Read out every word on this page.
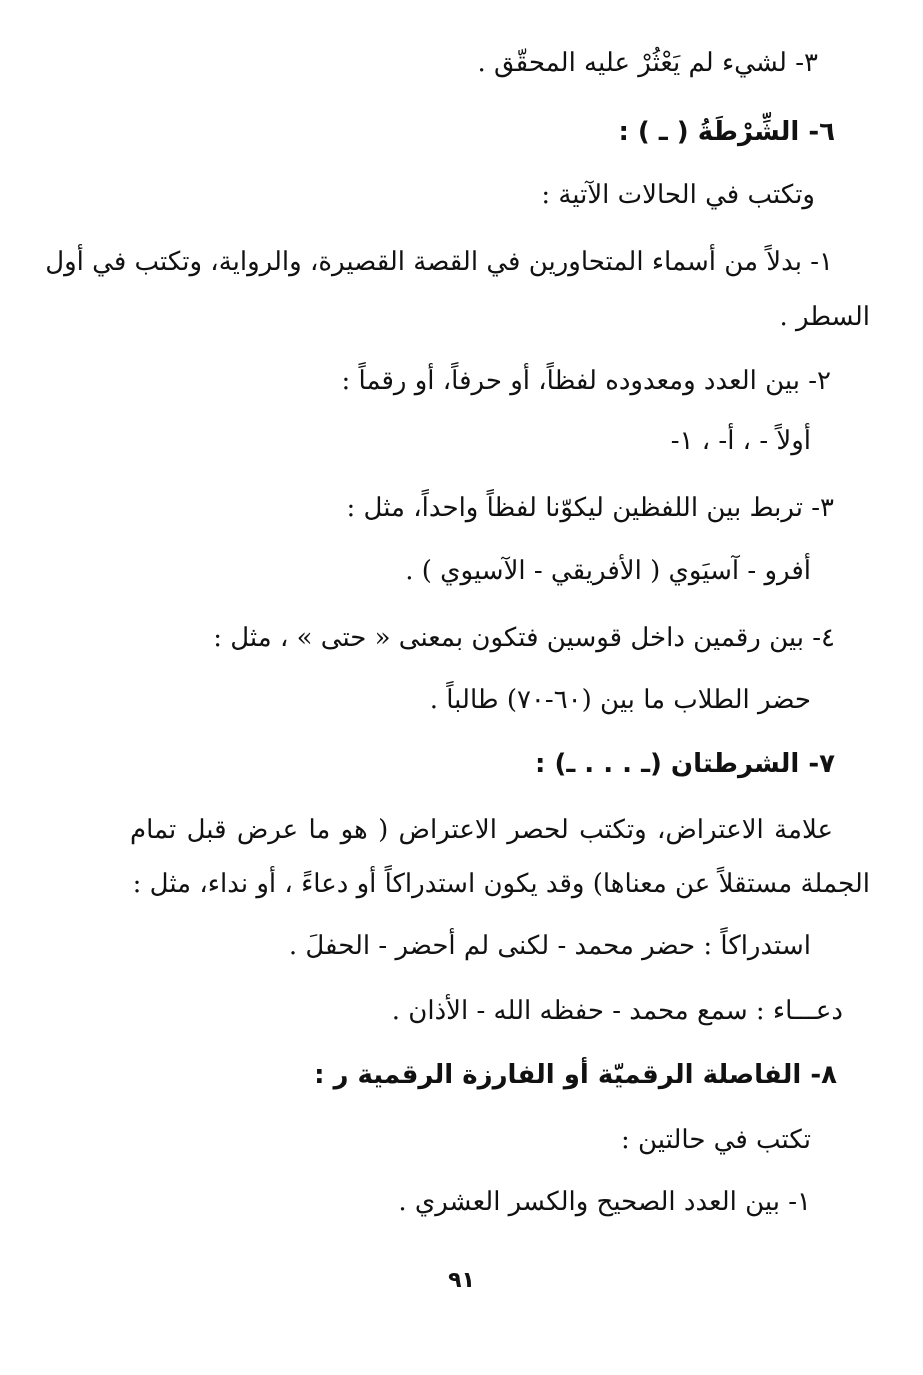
٣- لشيء لم يَعْثُرْ عليه المحقّق .
٦- الشِّرْطَةُ ( ـ ) :
وتكتب في الحالات الآتية :
١- بدلاً من أسماء المتحاورين في القصة القصيرة، والرواية، وتكتب في أول
السطر .
٢- بين العدد ومعدوده لفظاً، أو حرفاً، أو رقماً :
أولاً - ، أ- ، ١-
٣- تربط بين اللفظين ليكوّنا لفظاً واحداً، مثل :
أفرو - آسيَوي ( الأفريقي - الآسيوي ) .
٤- بين رقمين داخل قوسين فتكون بمعنى « حتى » ، مثل :
حضر الطلاب ما بين (٦٠-٧٠) طالباً .
٧- الشرطتان (ـ . . . ـ) :
علامة الاعتراض، وتكتب لحصر الاعتراض ( هو ما عرض قبل تمام
الجملة مستقلاً عن معناها) وقد يكون استدراكاً أو دعاءً ، أو نداء، مثل :
استدراكاً : حضر محمد - لكنى لم أحضر - الحفلَ .
دعـــاء : سمع محمد - حفظه الله - الأذان .
٨- الفاصلة الرقميّة أو الفارزة الرقمية ر :
تكتب في حالتين :
١- بين العدد الصحيح والكسر العشري .
٩١
